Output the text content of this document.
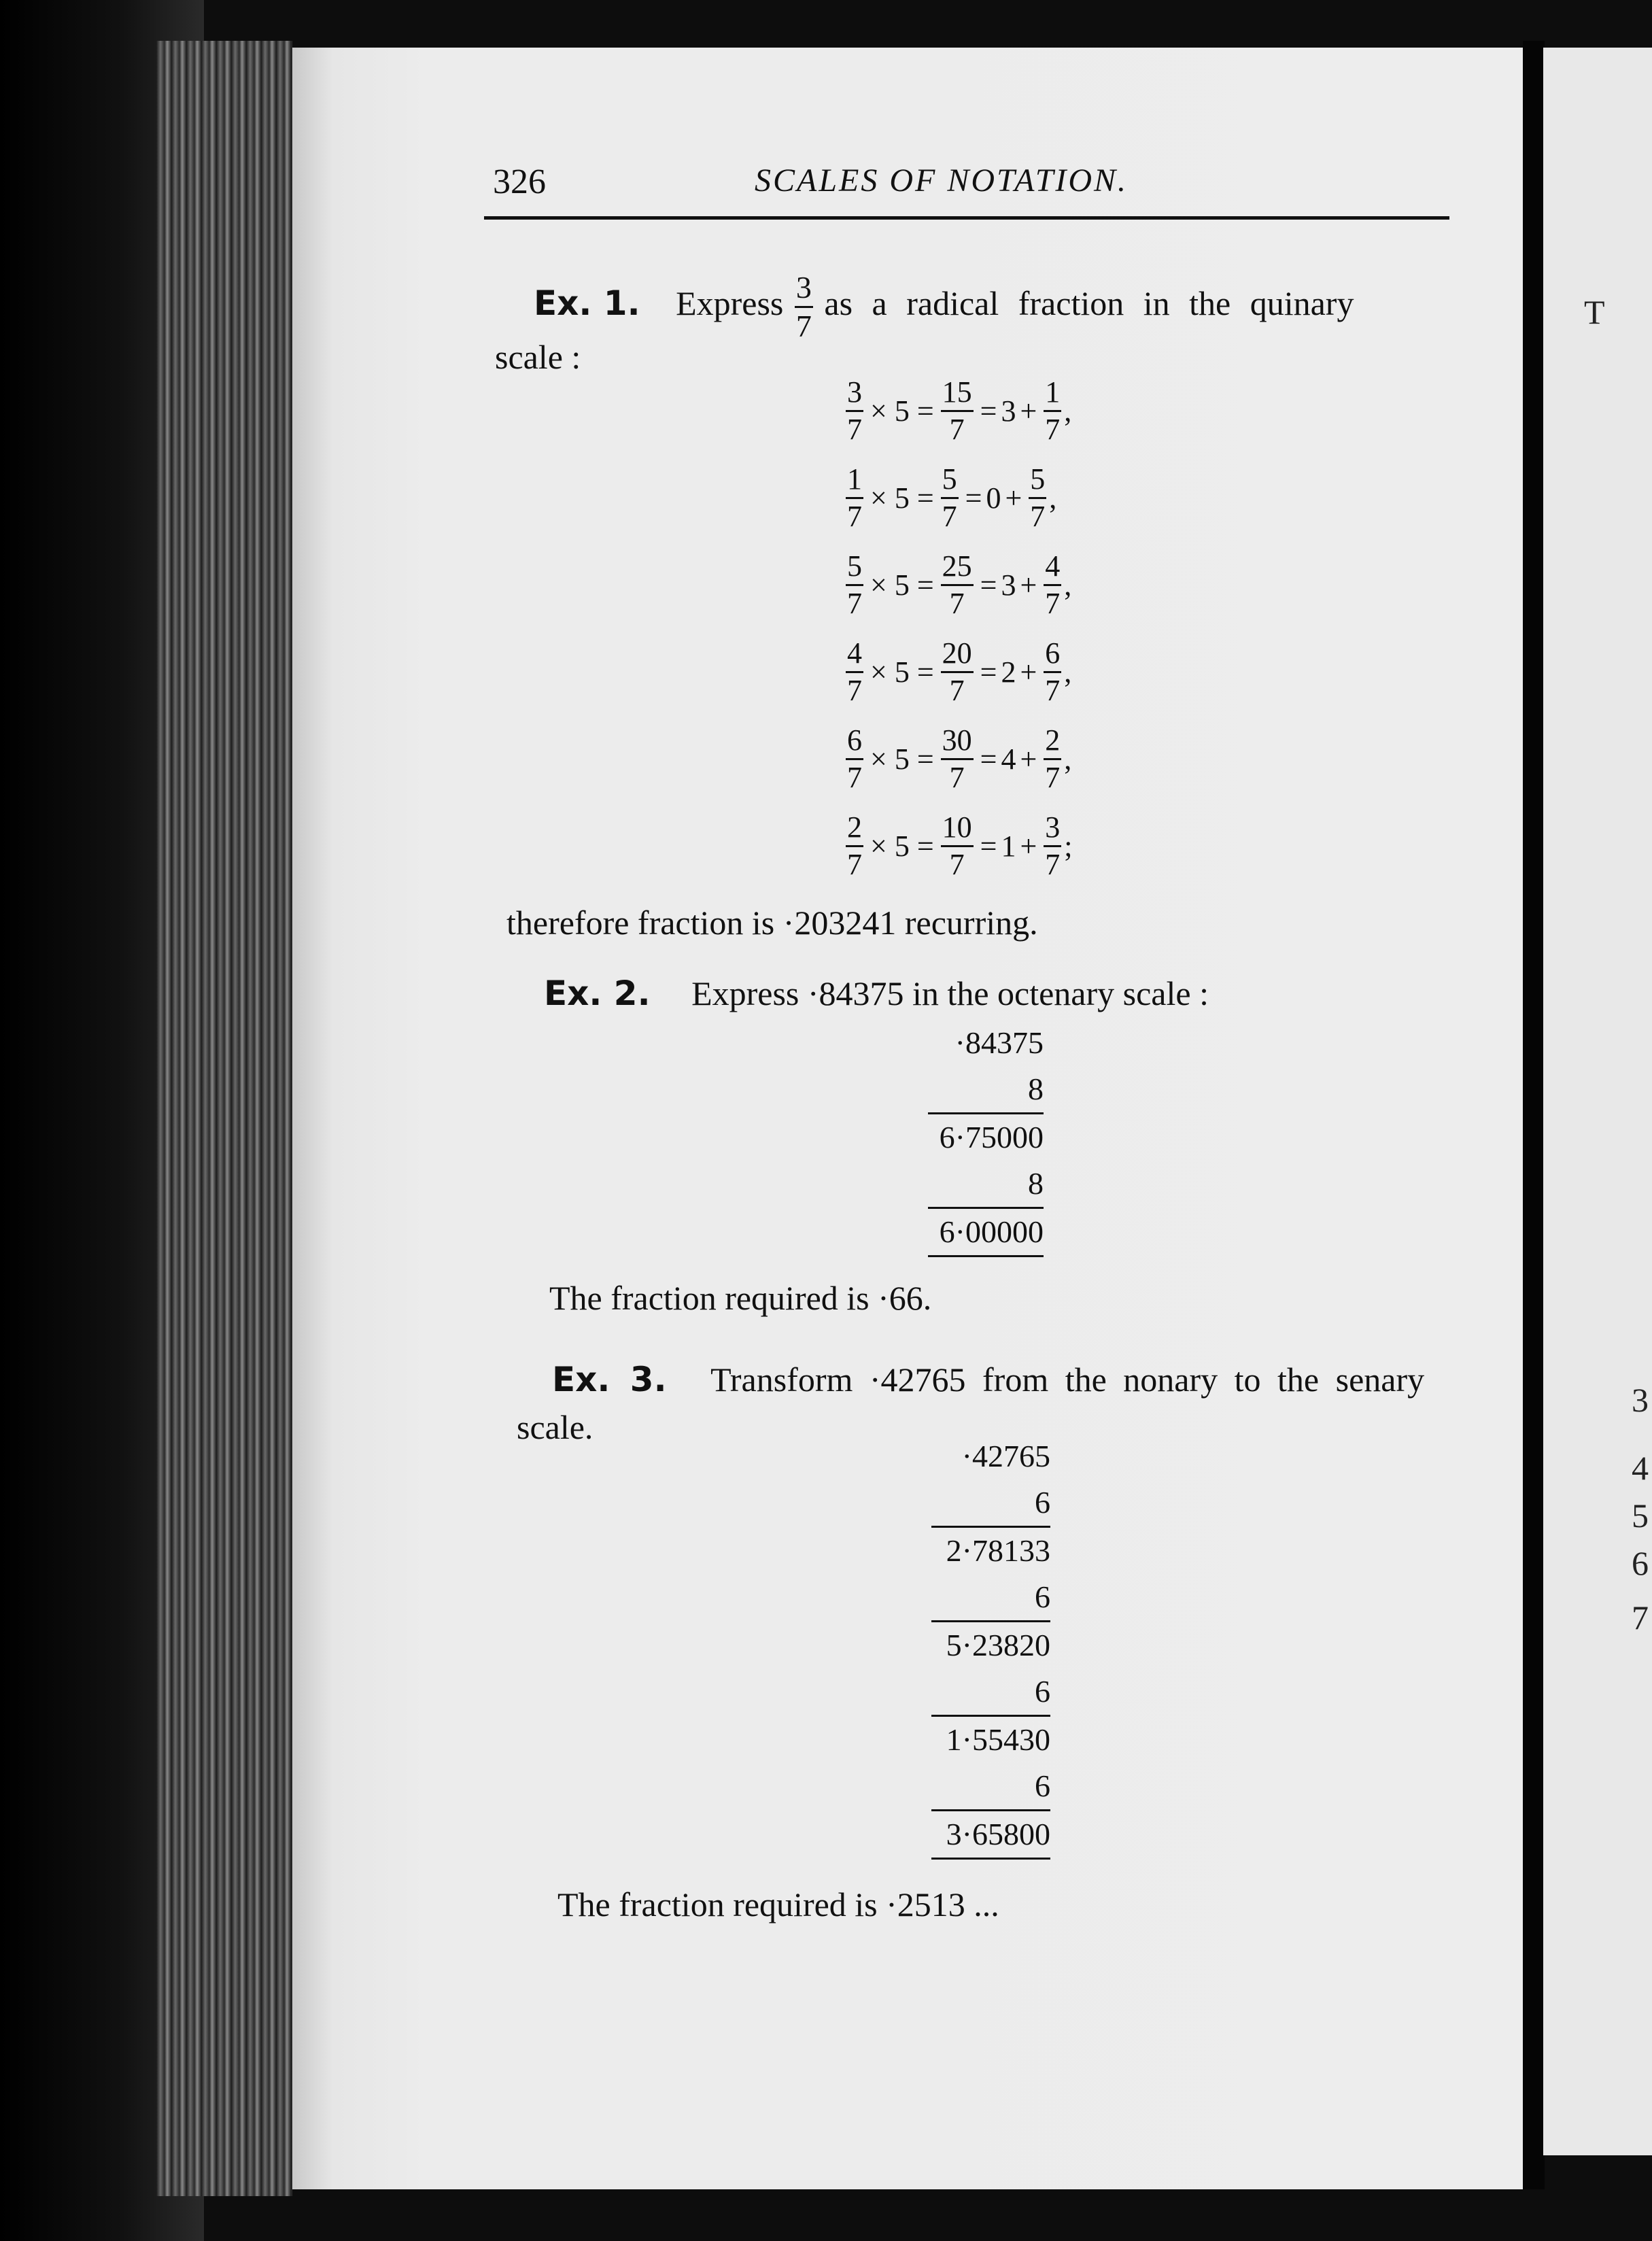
T
3
4
5
6
7
326	SCALES OF NOTATION.
Ex. 1. Express $\frac{3}{7}$ as a radical fraction in the quinary
scale :
$\frac{3}{7} \times 5 = \frac{15}{7} = 3 + \frac{1}{7}$ ,
$\frac{1}{7} \times 5 = \frac{5}{7} = 0 + \frac{5}{7}$ ,
$\frac{5}{7} \times 5 = \frac{25}{7} = 3 + \frac{4}{7}$ ,
$\frac{4}{7} \times 5 = \frac{20}{7} = 2 + \frac{6}{7}$ ,
$\frac{6}{7} \times 5 = \frac{30}{7} = 4 + \frac{2}{7}$ ,
$\frac{2}{7} \times 5 = \frac{10}{7} = 1 + \frac{3}{7}$ ;
therefore fraction is ·203241 recurring.
Ex. 2. Express ·84375 in the octenary scale :
·84375
8
6·75000
8
6·00000
The fraction required is ·66.
Ex. 3. Transform ·42765 from the nonary to the senary
scale.
·42765
6
2·78133
6
5·23820
6
1·55430
6
3·65800
The fraction required is ·2513 ...
